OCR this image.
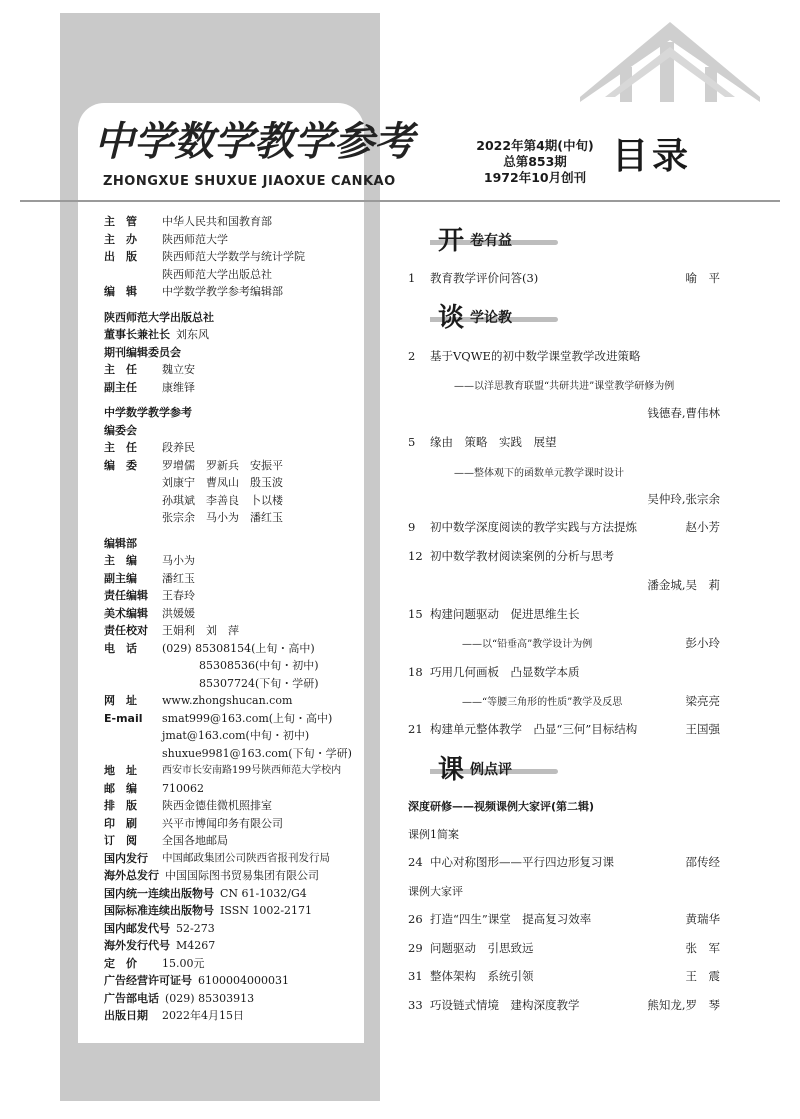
中学数学教学参考
ZHONGXUE SHUXUE JIAOXUE CANKAO
2022年第4期(中旬)
总第853期
1972年10月创刊
目录
主　管	中华人民共和国教育部
主　办	陕西师范大学
出　版	陕西师范大学数学与统计学院
陕西师范大学出版总社
编　辑	中学数学教学参考编辑部
陕西师范大学出版总社
董事长兼社长 刘东风
期刊编辑委员会
主　任	魏立安
副主任	康维铎
中学数学教学参考
编委会
主　任	段养民
编　委	罗增儒　罗新兵　安振平
刘康宁　曹凤山　殷玉波
孙琪斌　李善良　卜以楼
张宗余　马小为　潘红玉
编辑部
主　编	马小为
副主编	潘红玉
责任编辑	王春玲
美术编辑	洪媛媛
责任校对	王娟利　刘　萍
电　话	(029) 85308154(上旬・高中)
85308536(中旬・初中)
85307724(下旬・学研)
网　址	www.zhongshucan.com
E-mail	smat999@163.com(上旬・高中)
jmat@163.com(中旬・初中)
shuxue9981@163.com(下旬・学研)
地　址	西安市长安南路199号陕西师范大学校内
邮　编	710062
排　版	陕西金德佳微机照排室
印　刷	兴平市博闻印务有限公司
订　阅	全国各地邮局
国内发行	中国邮政集团公司陕西省报刊发行局
海外总发行 中国国际图书贸易集团有限公司
国内统一连续出版物号 CN 61-1032/G4
国际标准连续出版物号 ISSN 1002-2171
国内邮发代号 52-273
海外发行代号 M4267
定　价	15.00元
广告经营许可证号 6100004000031
广告部电话 (029) 85303913
出版日期	2022年4月15日
开 卷有益
1 教育教学评价问答(3)	喻　平
谈 学论教
2 基于VQWE的初中数学课堂教学改进策略
——以洋思教育联盟“共研共进”课堂教学研修为例
钱德春,曹伟林
5 缘由　策略　实践　展望
——整体观下的函数单元教学课时设计
吴仲玲,张宗余
9 初中数学深度阅读的教学实践与方法提炼	赵小芳
12 初中数学教材阅读案例的分析与思考
潘金城,吴　莉
15 构建问题驱动　促进思维生长
——以“铅垂高”教学设计为例	彭小玲
18 巧用几何画板　凸显数学本质
——“等腰三角形的性质”教学及反思	梁亮亮
21 构建单元整体教学　凸显“三何”目标结构	王国强
课 例点评
深度研修——视频课例大家评(第二辑)
课例1简案
24 中心对称图形——平行四边形复习课	邵传经
课例大家评
26 打造“四生”课堂　提高复习效率	黄瑞华
29 问题驱动　引思致远	张　军
31 整体架构　系统引领	王　震
33 巧设链式情境　建构深度教学	熊知龙,罗　琴
